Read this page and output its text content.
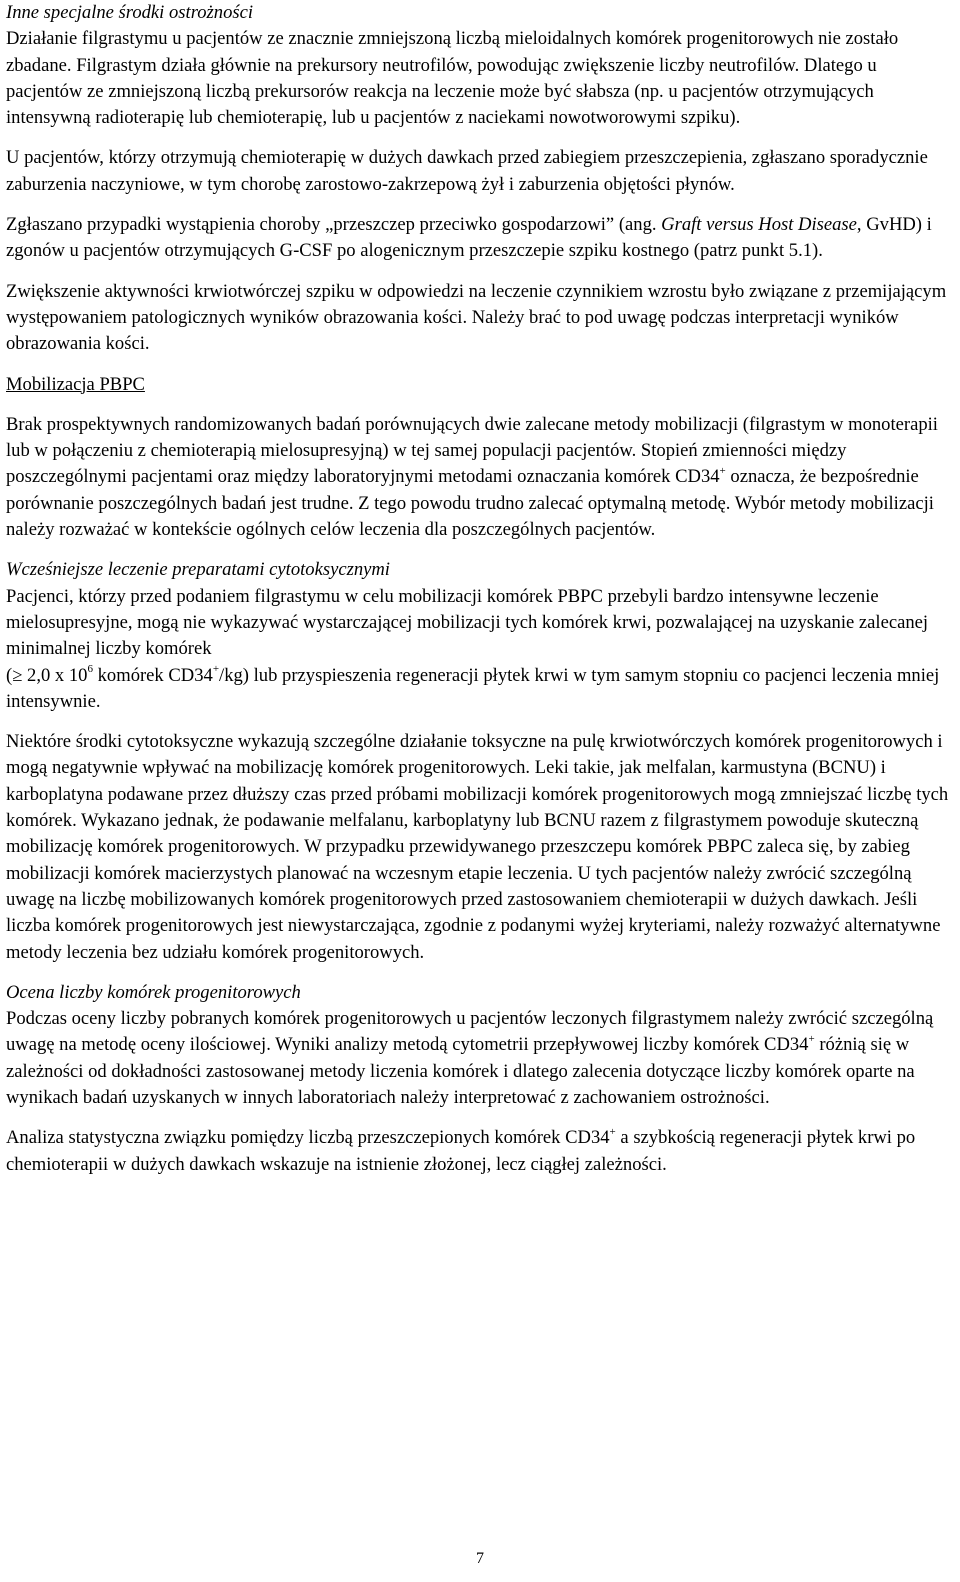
Inne specjalne środki ostrożności

Działanie filgrastymu u pacjentów ze znacznie zmniejszoną liczbą mieloidalnych komórek progenitorowych nie zostało zbadane. Filgrastym działa głównie na prekursory neutrofilów, powodując zwiększenie liczby neutrofilów. Dlatego u pacjentów ze zmniejszoną liczbą prekursorów reakcja na leczenie może być słabsza (np. u pacjentów otrzymujących intensywną radioterapię lub chemioterapię, lub u pacjentów z naciekami nowotworowymi szpiku).

U pacjentów, którzy otrzymują chemioterapię w dużych dawkach przed zabiegiem przeszczepienia, zgłaszano sporadycznie zaburzenia naczyniowe, w tym chorobę zarostowo-zakrzepową żył i zaburzenia objętości płynów.

Zgłaszano przypadki wystąpienia choroby „przeszczep przeciwko gospodarzowi” (ang. Graft versus Host Disease, GvHD) i zgonów u pacjentów otrzymujących G-CSF po alogenicznym przeszczepie szpiku kostnego (patrz punkt 5.1).

Zwiększenie aktywności krwiotwórczej szpiku w odpowiedzi na leczenie czynnikiem wzrostu było związane z przemijającym występowaniem patologicznych wyników obrazowania kości. Należy brać to pod uwagę podczas interpretacji wyników obrazowania kości.

Mobilizacja PBPC

Brak prospektywnych randomizowanych badań porównujących dwie zalecane metody mobilizacji (filgrastym w monoterapii lub w połączeniu z chemioterapią mielosupresyjną) w tej samej populacji pacjentów. Stopień zmienności między poszczególnymi pacjentami oraz między laboratoryjnymi metodami oznaczania komórek CD34+ oznacza, że bezpośrednie porównanie poszczególnych badań jest trudne. Z tego powodu trudno zalecać optymalną metodę. Wybór metody mobilizacji należy rozważać w kontekście ogólnych celów leczenia dla poszczególnych pacjentów.

Wcześniejsze leczenie preparatami cytotoksycznymi

Pacjenci, którzy przed podaniem filgrastymu w celu mobilizacji komórek PBPC przebyli bardzo intensywne leczenie mielosupresyjne, mogą nie wykazywać wystarczającej mobilizacji tych komórek krwi, pozwalającej na uzyskanie zalecanej minimalnej liczby komórek
(≥ 2,0 x $10^6$ komórek CD34+/kg) lub przyspieszenia regeneracji płytek krwi w tym samym stopniu co pacjenci leczenia mniej intensywnie.

Niektóre środki cytotoksyczne wykazują szczególne działanie toksyczne na pulę krwiotwórczych komórek progenitorowych i mogą negatywnie wpływać na mobilizację komórek progenitorowych. Leki takie, jak melfalan, karmustyna (BCNU) i karboplatyna podawane przez dłuższy czas przed próbami mobilizacji komórek progenitorowych mogą zmniejszać liczbę tych komórek. Wykazano jednak, że podawanie melfalanu, karboplatyny lub BCNU razem z filgrastymem powoduje skuteczną mobilizację komórek progenitorowych. W przypadku przewidywanego przeszczepu komórek PBPC zaleca się, by zabieg mobilizacji komórek macierzystych planować na wczesnym etapie leczenia. U tych pacjentów należy zwrócić szczególną uwagę na liczbę mobilizowanych komórek progenitorowych przed zastosowaniem chemioterapii w dużych dawkach. Jeśli liczba komórek progenitorowych jest niewystarczająca, zgodnie z podanymi wyżej kryteriami, należy rozważyć alternatywne metody leczenia bez udziału komórek progenitorowych.

Ocena liczby komórek progenitorowych

Podczas oceny liczby pobranych komórek progenitorowych u pacjentów leczonych filgrastymem należy zwrócić szczególną uwagę na metodę oceny ilościowej. Wyniki analizy metodą cytometrii przepływowej liczby komórek CD34+ różnią się w zależności od dokładności zastosowanej metody liczenia komórek i dlatego zalecenia dotyczące liczby komórek oparte na wynikach badań uzyskanych w innych laboratoriach należy interpretować z zachowaniem ostrożności.

Analiza statystyczna związku pomiędzy liczbą przeszczepionych komórek CD34+ a szybkością regeneracji płytek krwi po chemioterapii w dużych dawkach wskazuje na istnienie złożonej, lecz ciągłej zależności.

7
